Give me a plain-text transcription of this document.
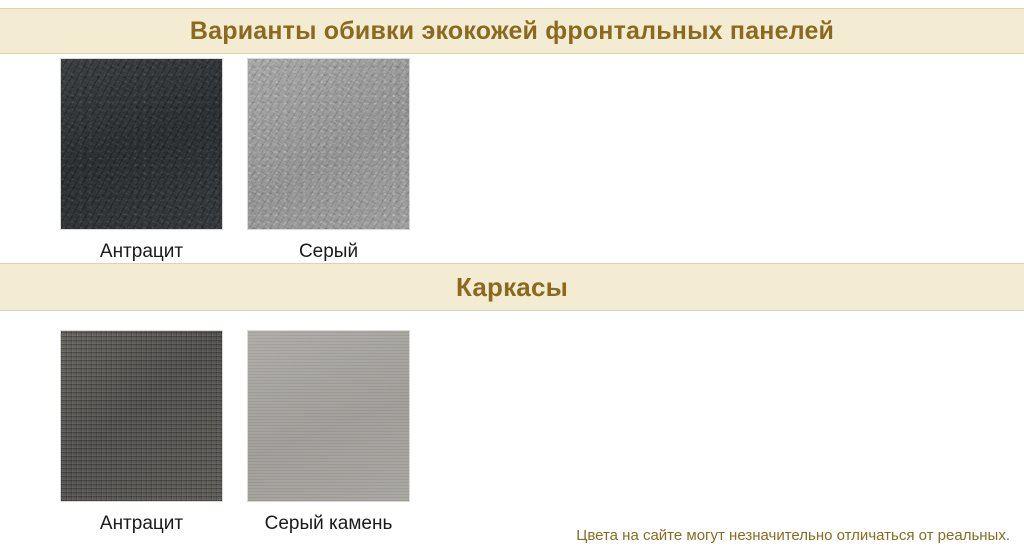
Варианты обивки экокожей фронтальных панелей
Антрацит	Серый
Каркасы
Антрацит	Серый камень
Цвета на сайте могут незначительно отличаться от реальных.
